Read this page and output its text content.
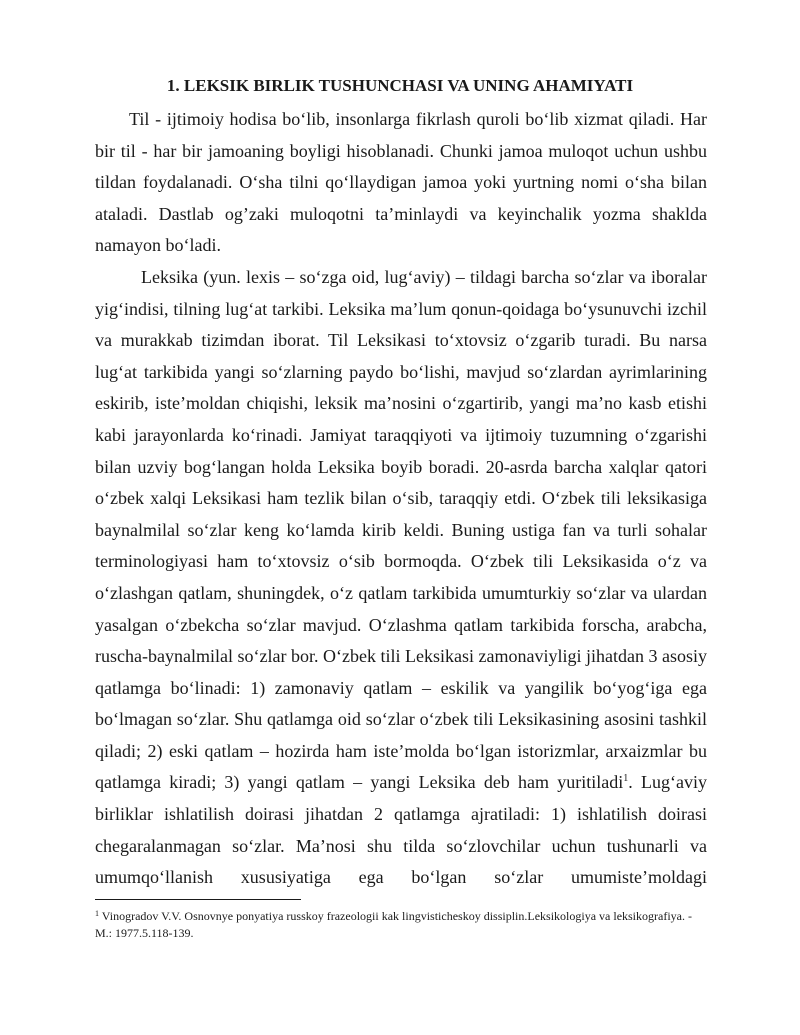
1. LEKSIK BIRLIK TUSHUNCHASI VA UNING AHAMIYATI

Til - ijtimoiy hodisa bo‘lib, insonlarga fikrlash quroli bo‘lib xizmat qiladi. Har bir til - har bir jamoaning boyligi hisoblanadi. Chunki jamoa muloqot uchun ushbu tildan foydalanadi. O‘sha tilni qo‘llaydigan jamoa yoki yurtning nomi o‘sha bilan ataladi. Dastlab og’zaki muloqotni ta’minlaydi va keyinchalik yozma shaklda namayon bo‘ladi.

Leksika (yun. lexis – so‘zga oid, lug‘aviy) – tildagi barcha so‘zlar va iboralar yig‘indisi, tilning lug‘at tarkibi. Leksika ma’lum qonun-qoidaga bo‘ysunuvchi izchil va murakkab tizimdan iborat. Til Leksikasi to‘xtovsiz o‘zgarib turadi. Bu narsa lug‘at tarkibida yangi so‘zlarning paydo bo‘lishi, mavjud so‘zlardan ayrimlarining eskirib, iste’moldan chiqishi, leksik ma’nosini o‘zgartirib, yangi ma’no kasb etishi kabi jarayonlarda ko‘rinadi. Jamiyat taraqqiyoti va ijtimoiy tuzumning o‘zgarishi bilan uzviy bog‘langan holda Leksika boyib boradi. 20-asrda barcha xalqlar qatori o‘zbek xalqi Leksikasi ham tezlik bilan o‘sib, taraqqiy etdi. O‘zbek tili leksikasiga baynalmilal so‘zlar keng ko‘lamda kirib keldi. Buning ustiga fan va turli sohalar terminologiyasi ham to‘xtovsiz o‘sib bormoqda. O‘zbek tili Leksikasida o‘z va o‘zlashgan qatlam, shuningdek, o‘z qatlam tarkibida umumturkiy so‘zlar va ulardan yasalgan o‘zbekcha so‘zlar mavjud. O‘zlashma qatlam tarkibida forscha, arabcha, ruscha-baynalmilal so‘zlar bor. O‘zbek tili Leksikasi zamonaviyligi jihatdan 3 asosiy qatlamga bo‘linadi: 1) zamonaviy qatlam – eskilik va yangilik bo‘yog‘iga ega bo‘lmagan so‘zlar. Shu qatlamga oid so‘zlar o‘zbek tili Leksikasining asosini tashkil qiladi; 2) eski qatlam – hozirda ham iste’molda bo‘lgan istorizmlar, arxaizmlar bu qatlamga kiradi; 3) yangi qatlam – yangi Leksika deb ham yuritiladi$^1$. Lug‘aviy birliklar ishlatilish doirasi jihatdan 2 qatlamga ajratiladi: 1) ishlatilish doirasi chegaralanmagan so‘zlar. Ma’nosi shu tilda so‘zlovchilar uchun tushunarli va umumqo‘llanish xususiyatiga ega bo‘lgan so‘zlar umumiste’moldagi

$^1$ Vinogradov V.V. Osnovnye ponyatiya russkoy frazeologii kak lingvisticheskoy dissiplin.Leksikologiya va leksikografiya. - M.: 1977.5.118-139.
